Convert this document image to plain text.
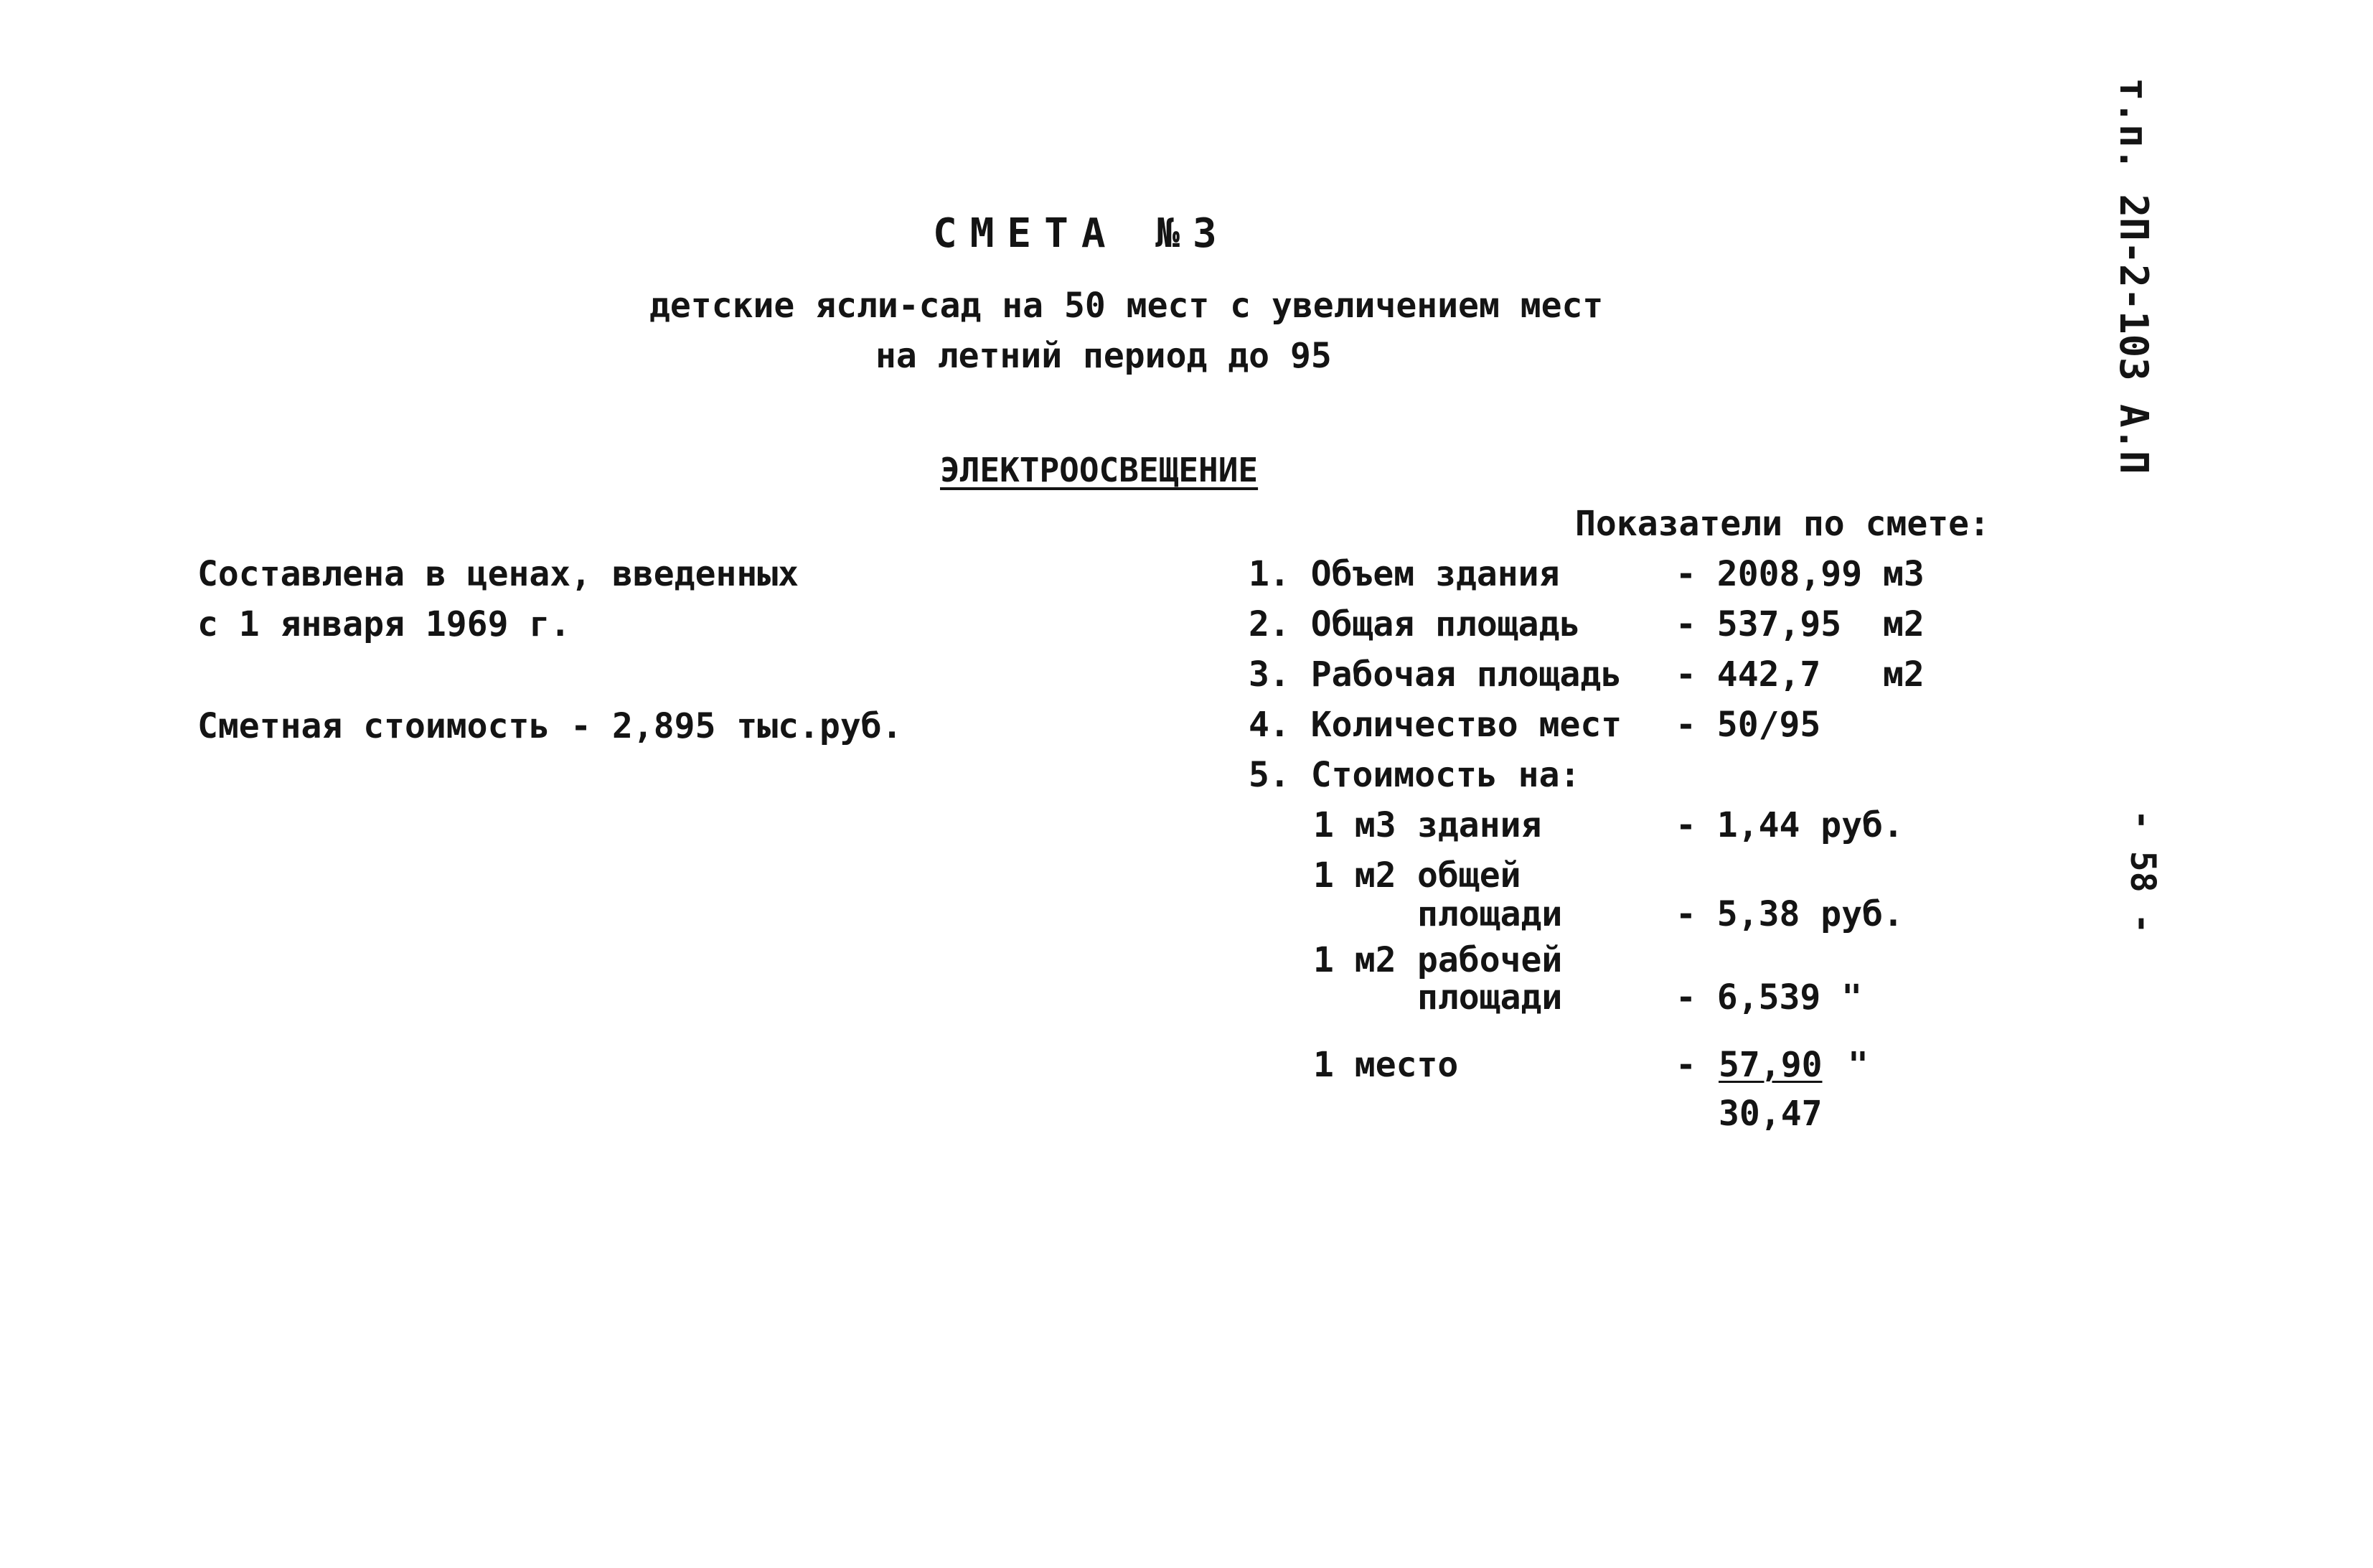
СМЕТА №3
детские ясли-сад на 50 мест с увеличением мест
на летний период до 95
ЭЛЕКТРООСВЕЩЕНИЕ	т.п. 2П-2-103 А.П
- 58 -
Составлена в ценах, введенных
с 1 января 1969 г.
Сметная стоимость - 2,895 тыс.руб.
Показатели по смете:
1. Объем здания	- 2008,99 м3
2. Общая площадь	- 537,95  м2
3. Рабочая площадь - 442,7   м2
4. Количество мест - 50/95
5. Стоимость на:
1 м3 здания	- 1,44 руб.
1 м2 общей
площади	- 5,38 руб.
1 м2 рабочей
площади	- 6,539 "
1 место	- 57,90 "
30,47
